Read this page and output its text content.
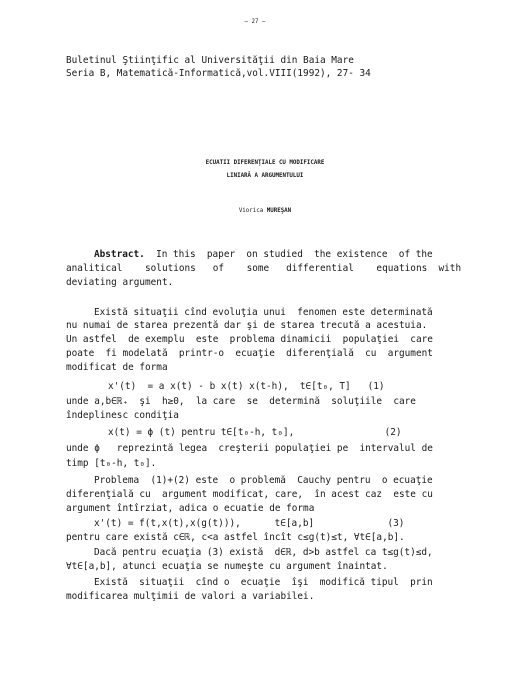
— 27 —

Buletinul Ştiinţific al Universităţii din Baia Mare

Seria B, Matematică-Informatică,vol.VIII(1992), 27- 34

ECUATII DIFERENŢIALE CU MODIFICARE

LINIARĂ A ARGUMENTULUI

Viorica MUREŞAN

Abstract.  In this  paper  on studied  the existence  of the

analitical    solutions   of    some   differential    equations  with

deviating argument.

Există situaţii cînd evoluţia unui  fenomen este determinată

nu numai de starea prezentă dar şi de starea trecută a acestuia.

Un astfel  de exemplu  este  problema dinamicii  populaţiei  care

poate  fi modelată  printr-o  ecuaţie  diferenţială  cu  argument

modificat de forma

x'(t)  = a x(t) - b x(t) x(t-h),  t∈[t₀, T]   (1)

unde a,b∈ℝ₊  şi  h≥0,  la care  se  determină  soluţiile  care

îndeplinesc condiţia

x(t) = ϕ (t) pentru t∈[t₀-h, t₀],                (2)

unde ϕ   reprezintă legea  creşterii populaţiei pe  intervalul de

timp [t₀-h, t₀].

Problema  (1)+(2) este  o problemă  Cauchy pentru  o ecuaţie

diferenţială cu  argument modificat, care,  în acest caz  este cu

argument întîrziat, adica o ecuatie de forma

x'(t) = f(t,x(t),x(g(t))),      t∈[a,b]             (3)

pentru care există c∈ℝ, c<a astfel încît c≤g(t)≤t, ∀t∈[a,b].

Dacă pentru ecuaţia (3) există  d∈ℝ, d>b astfel ca t≤g(t)≤d,

∀t∈[a,b], atunci ecuaţia se numeşte cu argument înaintat.

Există  situaţii  cînd o  ecuaţie  îşi  modifică tipul  prin

modificarea mulţimii de valori a variabilei.
